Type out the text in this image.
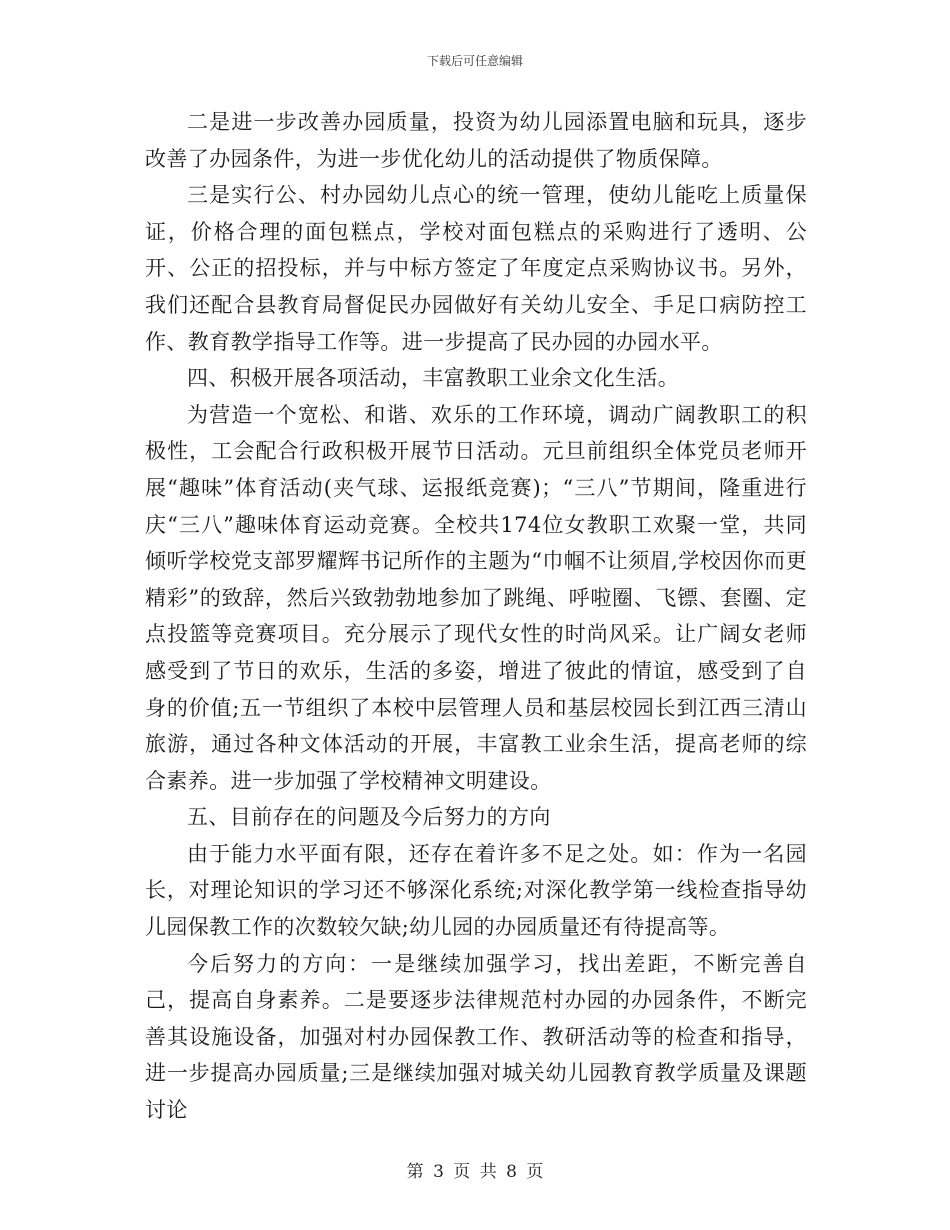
下载后可任意编辑

二是进一步改善办园质量，投资为幼儿园添置电脑和玩具，逐步改善了办园条件，为进一步优化幼儿的活动提供了物质保障。

三是实行公、村办园幼儿点心的统一管理，使幼儿能吃上质量保证，价格合理的面包糕点，学校对面包糕点的采购进行了透明、公开、公正的招投标，并与中标方签定了年度定点采购协议书。另外，我们还配合县教育局督促民办园做好有关幼儿安全、手足口病防控工作、教育教学指导工作等。进一步提高了民办园的办园水平。

四、积极开展各项活动，丰富教职工业余文化生活。

为营造一个宽松、和谐、欢乐的工作环境，调动广阔教职工的积极性，工会配合行政积极开展节日活动。元旦前组织全体党员老师开展“趣味”体育活动(夹气球、运报纸竞赛)；“三八”节期间，隆重进行庆“三八”趣味体育运动竞赛。全校共174位女教职工欢聚一堂，共同倾听学校党支部罗耀辉书记所作的主题为“巾帼不让须眉,学校因你而更精彩”的致辞，然后兴致勃勃地参加了跳绳、呼啦圈、飞镖、套圈、定点投篮等竞赛项目。充分展示了现代女性的时尚风采。让广阔女老师感受到了节日的欢乐，生活的多姿，增进了彼此的情谊，感受到了自身的价值;五一节组织了本校中层管理人员和基层校园长到江西三清山旅游，通过各种文体活动的开展，丰富教工业余生活，提高老师的综合素养。进一步加强了学校精神文明建设。

五、目前存在的问题及今后努力的方向

由于能力水平面有限，还存在着许多不足之处。如：作为一名园长，对理论知识的学习还不够深化系统;对深化教学第一线检查指导幼儿园保教工作的次数较欠缺;幼儿园的办园质量还有待提高等。

今后努力的方向：一是继续加强学习，找出差距，不断完善自己，提高自身素养。二是要逐步法律规范村办园的办园条件，不断完善其设施设备，加强对村办园保教工作、教研活动等的检查和指导，进一步提高办园质量;三是继续加强对城关幼儿园教育教学质量及课题讨论

第 3 页 共 8 页
